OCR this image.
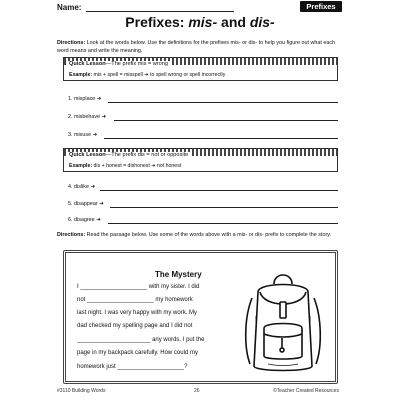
Name:	Prefixes
Prefixes: mis- and dis-
Directions: Look at the words below. Use the definitions for the prefixes mis- or dis- to help you figure out what each word means and write the meaning.
Quick Lesson—The prefix mis = wrong
Example: mis + spell = misspell ➜ to spell wrong or spell incorrectly
1. misplace ➜
2. misbehave ➜
3. misuse ➜
Quick Lesson—The prefix dis = not or opposite
Example: dis + honest = dishonest ➜ not honest
4. dislike ➜
5. disappear ➜
6. disagree ➜
Directions: Read the passage below. Use some of the words above with a mis- or dis- prefix to complete the story.
The Mystery
I ____________________ with my sister. I did
not ____________________ my homework
last night. I was very happy with my work. My
dad checked my spelling page and I did not
______________________ any words. I put the
page in my backpack carefully. How could my
homework just ____________________?
#3110 Building Words	26	©Teacher Created Resources
